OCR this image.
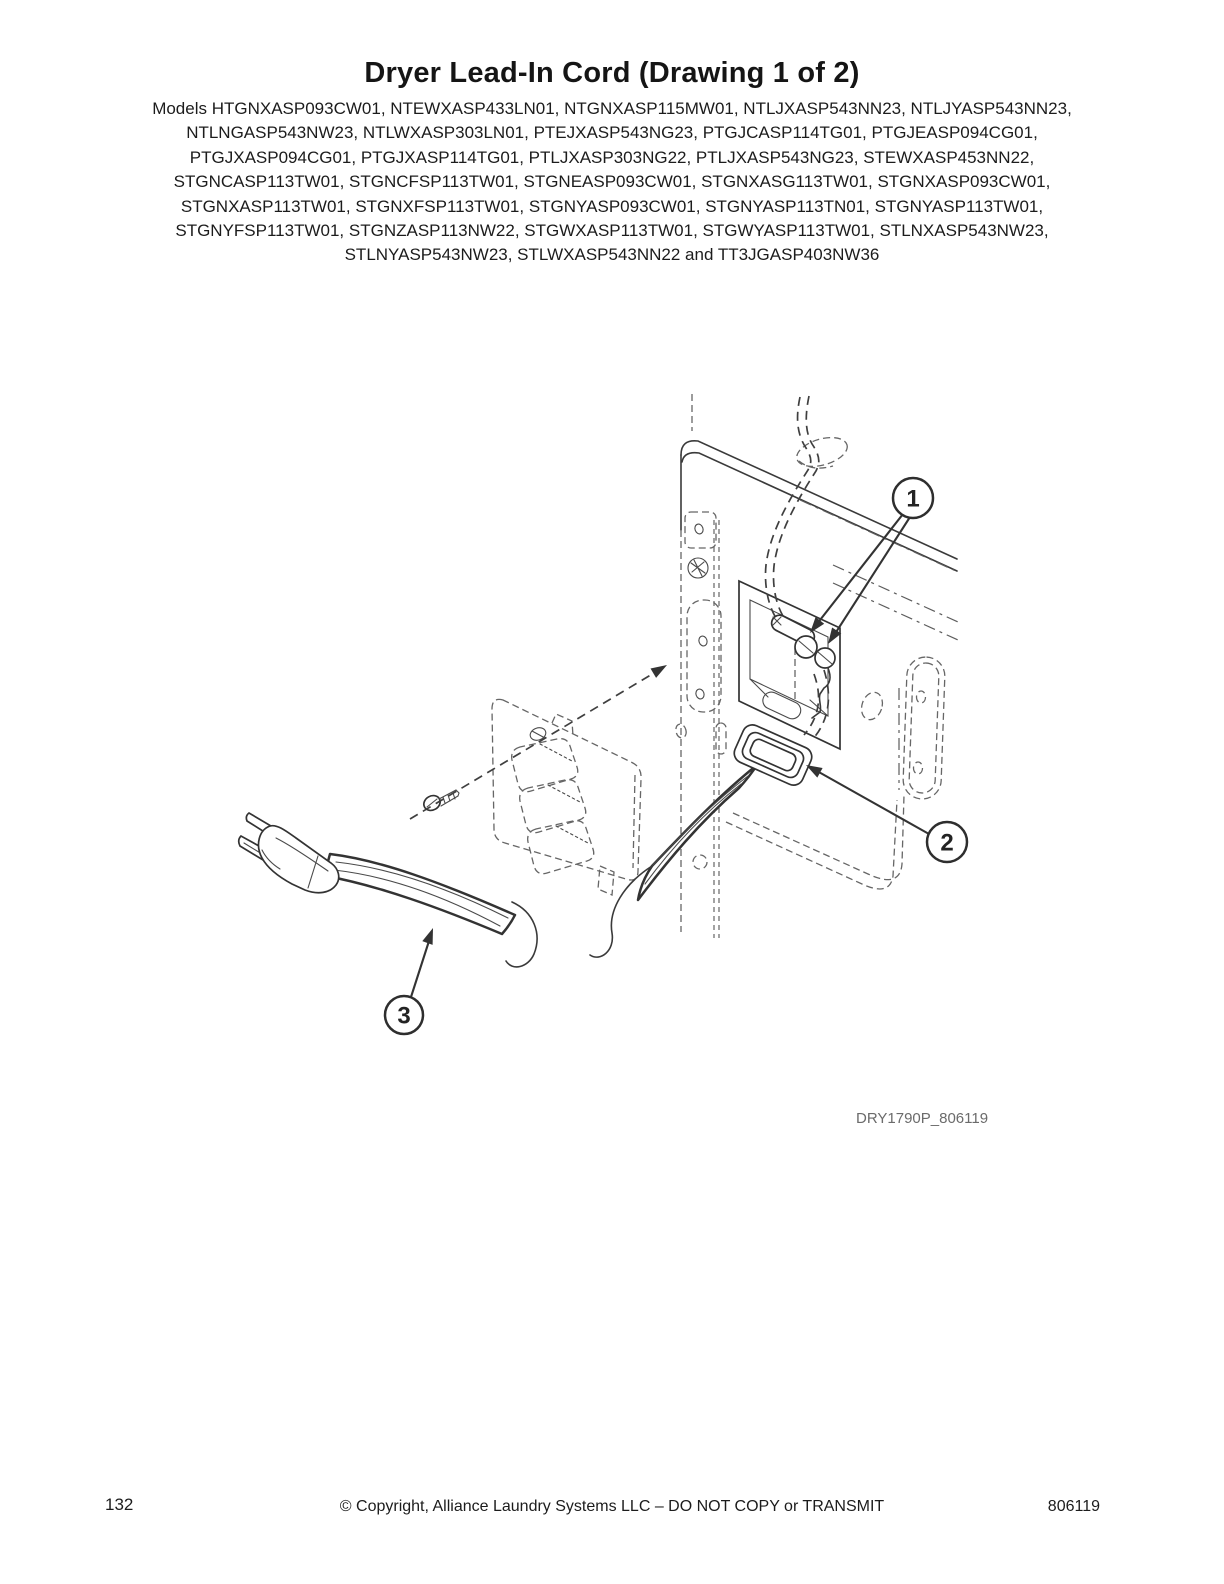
Dryer Lead-In Cord (Drawing 1 of 2)
Models HTGNXASP093CW01, NTEWXASP433LN01, NTGNXASP115MW01, NTLJXASP543NN23, NTLJYASP543NN23,
NTLNGASP543NW23, NTLWXASP303LN01, PTEJXASP543NG23, PTGJCASP114TG01, PTGJEASP094CG01,
PTGJXASP094CG01, PTGJXASP114TG01, PTLJXASP303NG22, PTLJXASP543NG23, STEWXASP453NN22,
STGNCASP113TW01, STGNCFSP113TW01, STGNEASP093CW01, STGNXASG113TW01, STGNXASP093CW01,
STGNXASP113TW01, STGNXFSP113TW01, STGNYASP093CW01, STGNYASP113TN01, STGNYASP113TW01,
STGNYFSP113TW01, STGNZASP113NW22, STGWXASP113TW01, STGWYASP113TW01, STLNXASP543NW23,
STLNYASP543NW23, STLWXASP543NN22 and TT3JGASP403NW36
1
2
3
DRY1790P_806119
132	© Copyright, Alliance Laundry Systems LLC – DO NOT COPY or TRANSMIT	806119
